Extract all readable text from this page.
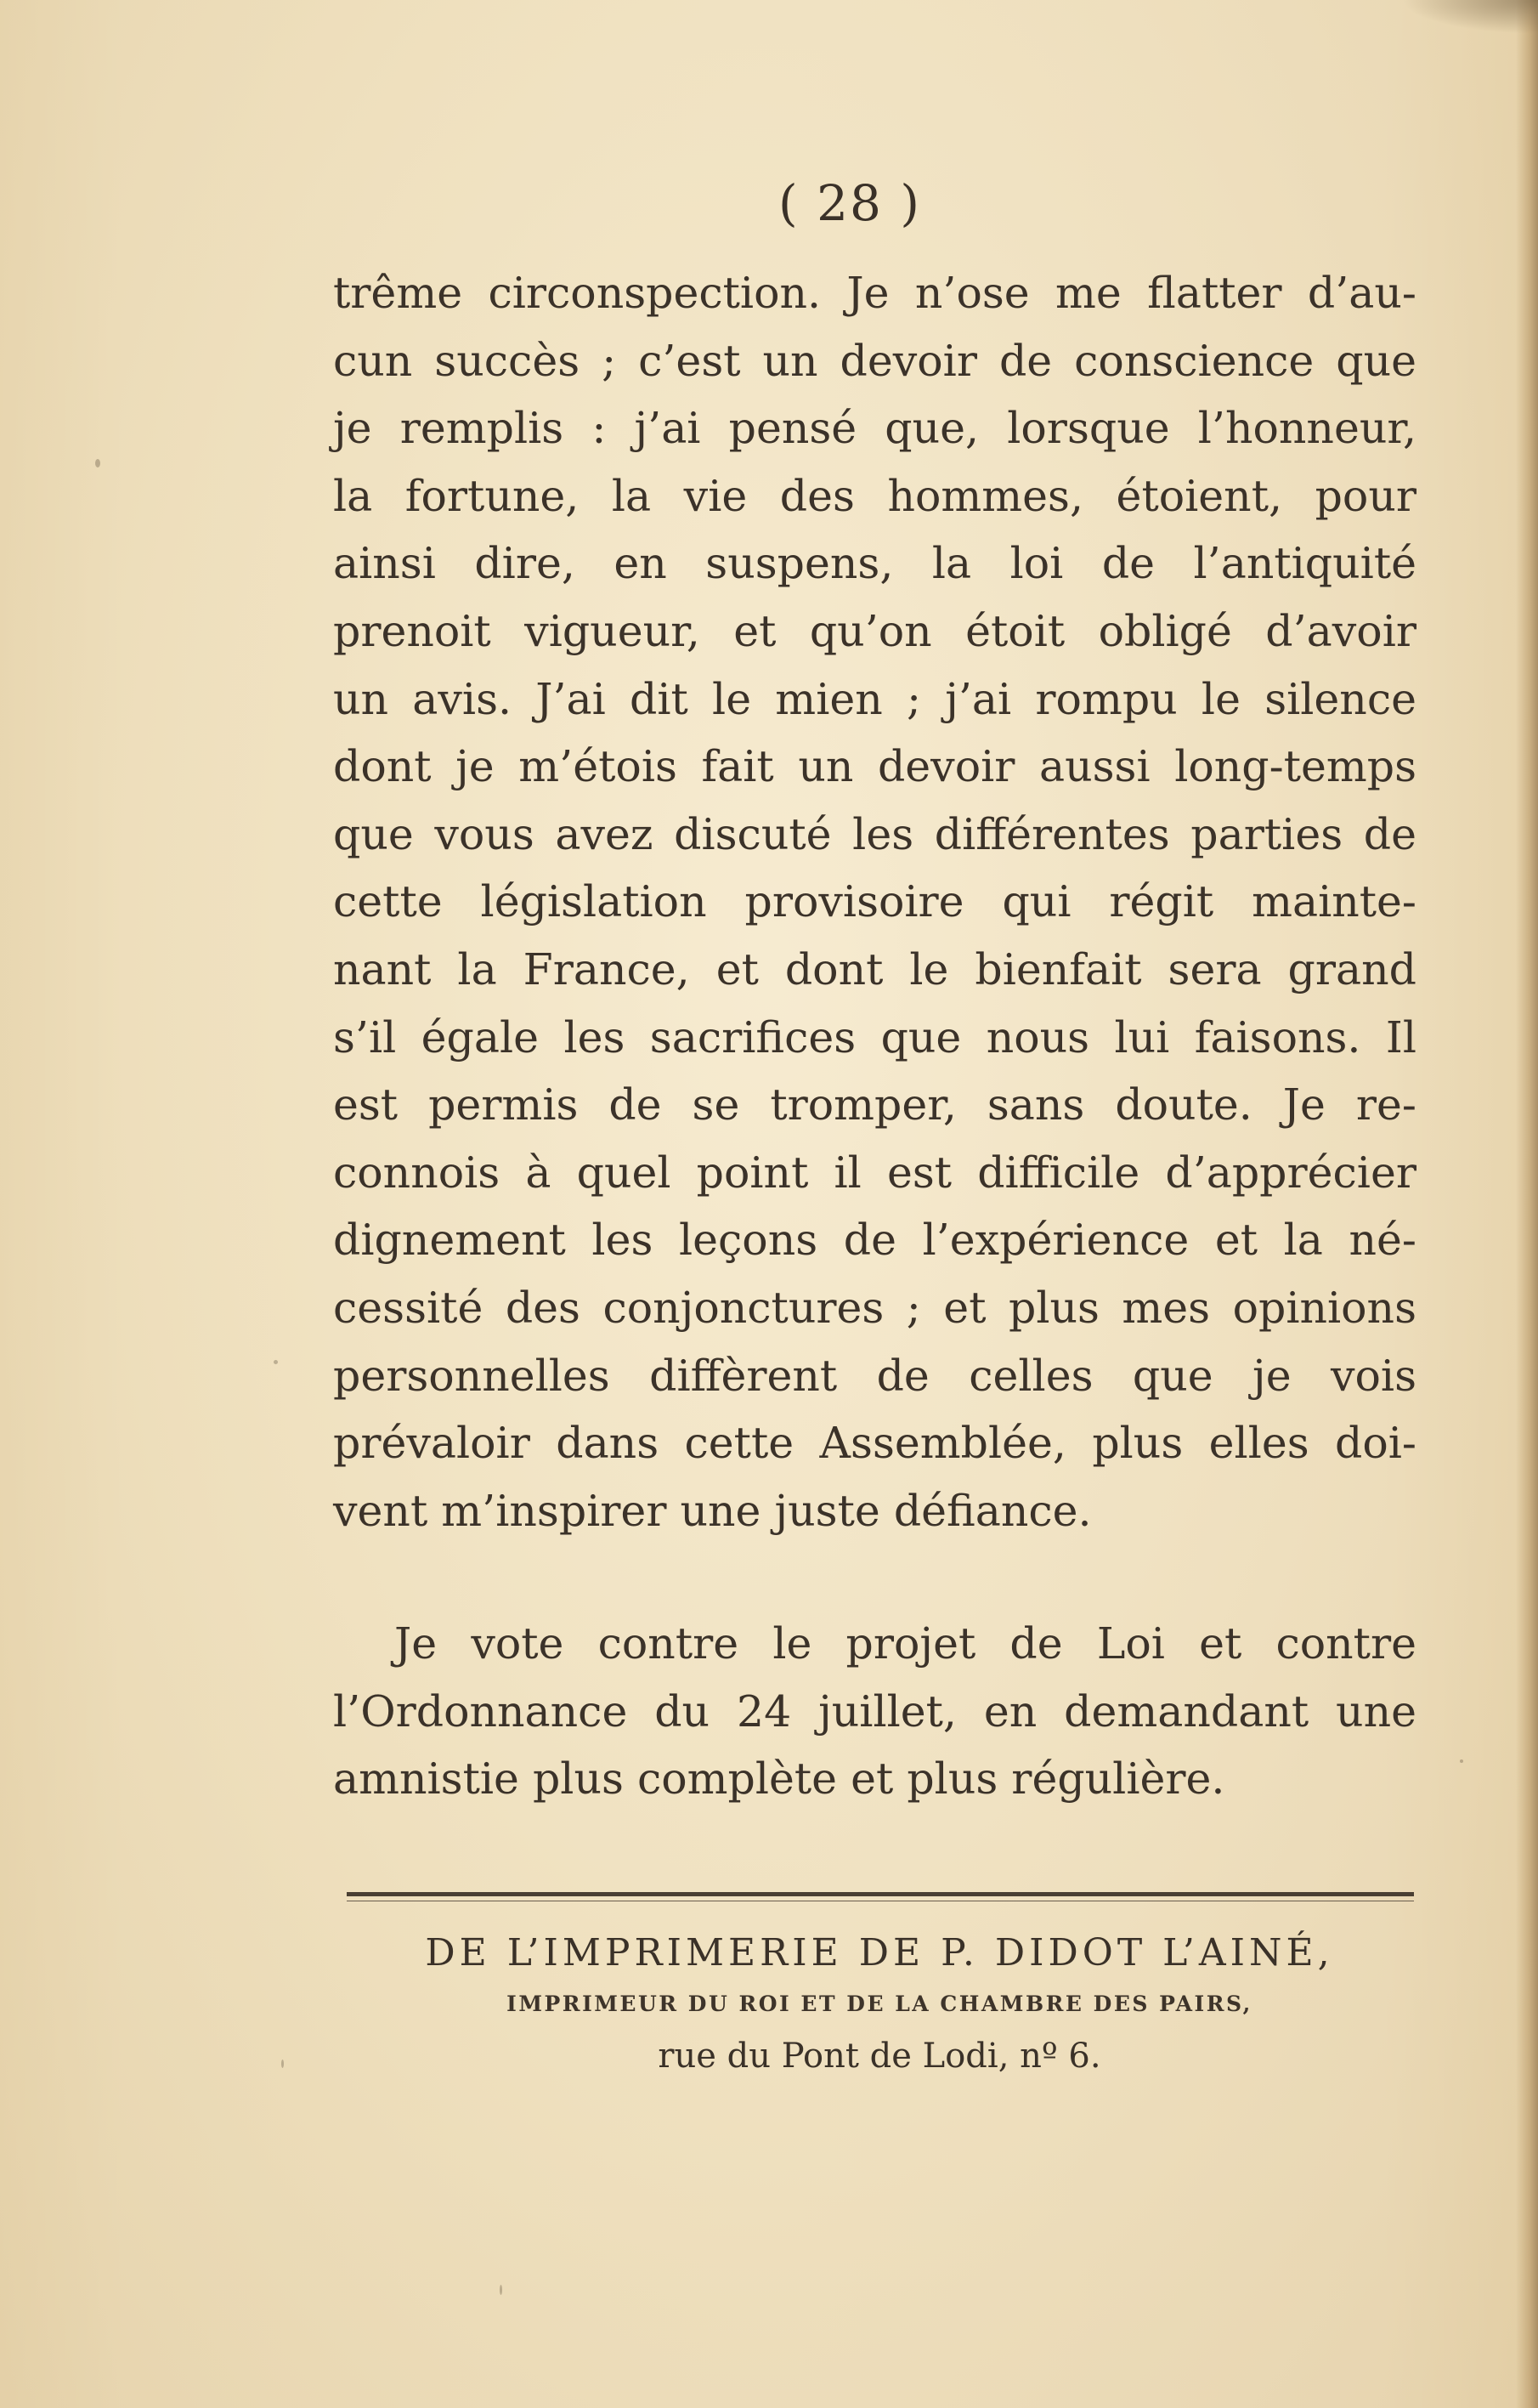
( 28 )
trême circonspection. Je n’ose me flatter d’au-
cun succès ; c’est un devoir de conscience que
je remplis : j’ai pensé que, lorsque l’honneur,
la fortune, la vie des hommes, étoient, pour
ainsi dire, en suspens, la loi de l’antiquité
prenoit vigueur, et qu’on étoit obligé d’avoir
un avis. J’ai dit le mien ; j’ai rompu le silence
dont je m’étois fait un devoir aussi long-temps
que vous avez discuté les différentes parties de
cette législation provisoire qui régit mainte-
nant la France, et dont le bienfait sera grand
s’il égale les sacrifices que nous lui faisons. Il
est permis de se tromper, sans doute. Je re-
connois à quel point il est difficile d’apprécier
dignement les leçons de l’expérience et la né-
cessité des conjonctures ; et plus mes opinions
personnelles diffèrent de celles que je vois
prévaloir dans cette Assemblée, plus elles doi-
vent m’inspirer une juste défiance.
Je vote contre le projet de Loi et contre
l’Ordonnance du 24 juillet, en demandant une
amnistie plus complète et plus régulière.
DE L’IMPRIMERIE DE P. DIDOT L’AINÉ,
IMPRIMEUR DU ROI ET DE LA CHAMBRE DES PAIRS,
rue du Pont de Lodi, nº 6.
